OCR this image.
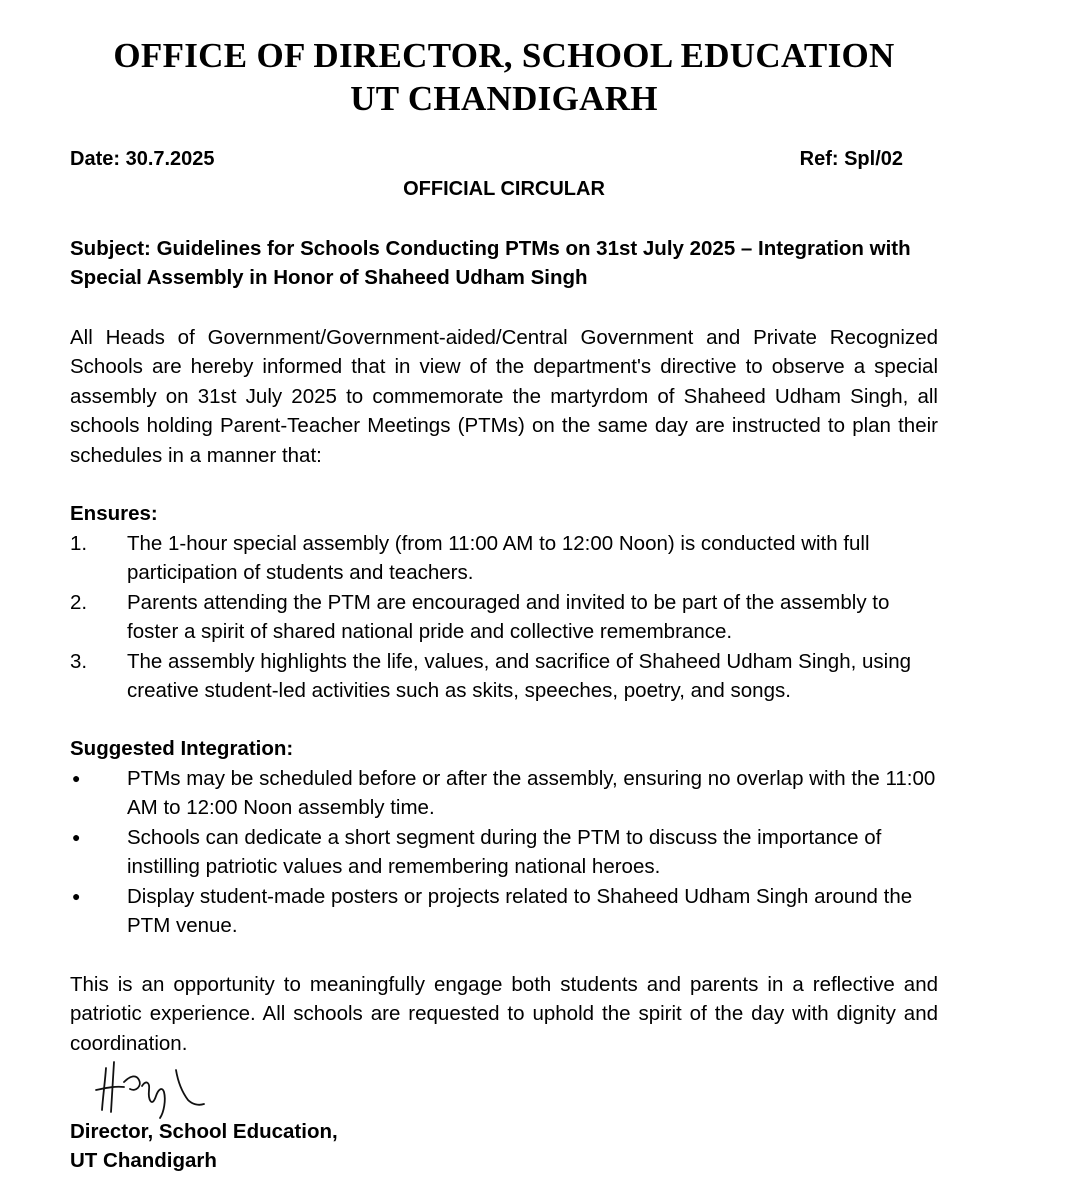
OFFICE OF DIRECTOR, SCHOOL EDUCATION
UT CHANDIGARH
Date: 30.7.2025	Ref: Spl/02
OFFICIAL CIRCULAR
Subject: Guidelines for Schools Conducting PTMs on 31st July 2025 – Integration with Special Assembly in Honor of Shaheed Udham Singh
All Heads of Government/Government-aided/Central Government and Private Recognized Schools are hereby informed that in view of the department's directive to observe a special assembly on 31st July 2025 to commemorate the martyrdom of Shaheed Udham Singh, all schools holding Parent-Teacher Meetings (PTMs) on the same day are instructed to plan their schedules in a manner that:
Ensures:
1. The 1-hour special assembly (from 11:00 AM to 12:00 Noon) is conducted with full participation of students and teachers.
2. Parents attending the PTM are encouraged and invited to be part of the assembly to foster a spirit of shared national pride and collective remembrance.
3. The assembly highlights the life, values, and sacrifice of Shaheed Udham Singh, using creative student-led activities such as skits, speeches, poetry, and songs.
Suggested Integration:
● PTMs may be scheduled before or after the assembly, ensuring no overlap with the 11:00 AM to 12:00 Noon assembly time.
● Schools can dedicate a short segment during the PTM to discuss the importance of instilling patriotic values and remembering national heroes.
● Display student-made posters or projects related to Shaheed Udham Singh around the PTM venue.
This is an opportunity to meaningfully engage both students and parents in a reflective and patriotic experience. All schools are requested to uphold the spirit of the day with dignity and coordination.
Director, School Education,
UT Chandigarh
